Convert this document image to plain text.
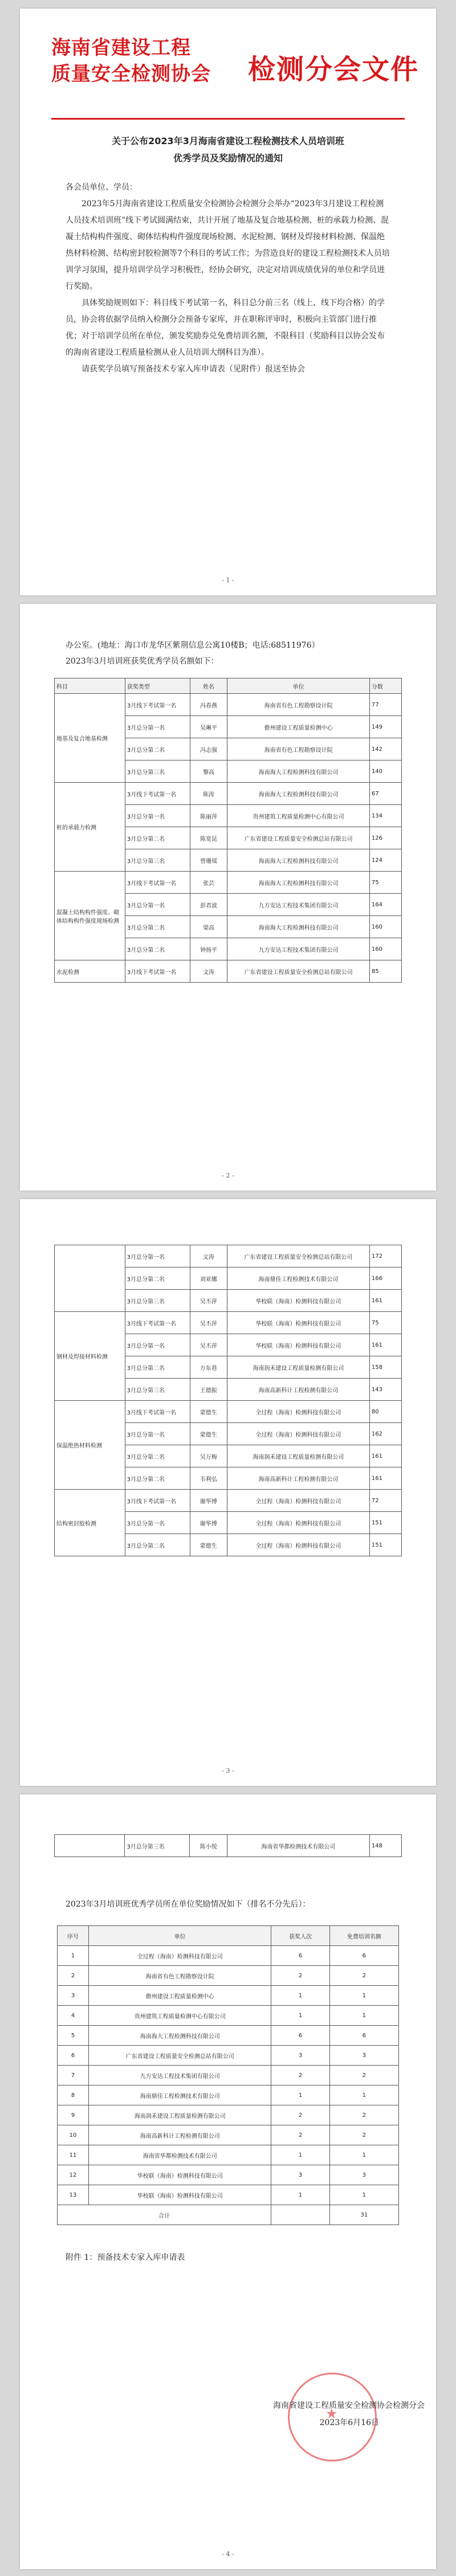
海南省建设工程
质量安全检测协会	检测分会文件
关于公布2023年3月海南省建设工程检测技术人员培训班
优秀学员及奖励情况的通知

各会员单位、学员：

2023年5月海南省建设工程质量安全检测协会检测分会举办“2023年3月建设工程检测人员技术培训班”线下考试圆满结束，共计开展了地基及复合地基检测、桩的承载力检测、混凝土结构构件强度、砌体结构构件强度现场检测、水泥检测、钢材及焊接材料检测、保温绝热材料检测、结构密封胶检测等7个科目的考试工作；为营造良好的建设工程检测技术人员培训学习氛围，提升培训学员学习积极性，经协会研究，决定对培训成绩优异的单位和学员进行奖励。

具体奖励规则如下：科目线下考试第一名，科目总分前三名（线上、线下均合格）的学员，协会将依据学员纳入检测分会预备专家库，并在职称评审时，积极向主管部门进行推优；对于培训学员所在单位，颁发奖励券兑免费培训名额，不限科目（奖励科目以协会发布的海南省建设工程质量检测从业人员培训大纲科目为准）。

请获奖学员填写预备技术专家入库申请表（见附件）报送至协会

- 1 -
办公室。(地址：海口市龙华区紫荆信息公寓10楼B；电话:68511976）
2023年3月培训班获奖优秀学员名额如下：
科目	获奖类型	姓名	单位	分数
地基及复合地基检测	3月线下考试第一名	冯春燕	海南省有色工程勘察设计院	77
	3月总分第一名	吴琳平	儋州建设工程质量检测中心	149
	3月总分第二名	冯志强	海南省有色工程勘察设计院	142
	3月总分第三名	黎高	海南海大工程检测科技有限公司	140
桩的承载力检测	3月线下考试第一名	陈涛	海南海大工程检测科技有限公司	67
	3月总分第一名	陈丽萍	贵州建筑工程质量检测中心有限公司	134
	3月总分第二名	陈宽昆	广东省建设工程质量安全检测总站有限公司	126
	3月总分第三名	曾珊瑶	海南海大工程检测科技有限公司	124
混凝土结构构件强度、砌体结构构件强度现场检测	3月线下考试第一名	张芸	海南海大工程检测科技有限公司	75
	3月总分第一名	彭君波	九方安达工程技术集团有限公司	164
	3月总分第二名	梁高	海南海大工程检测科技有限公司	160
	3月总分第二名	钟扬平	九方安达工程技术集团有限公司	160
水泥检测	3月线下考试第一名	文涛	广东省建设工程质量安全检测总站有限公司	85
- 2 -
	3月总分第一名	文涛	广东省建设工程质量安全检测总站有限公司	172
	3月总分第二名	刘亚娜	海南鼎佳工程检测技术有限公司	166
	3月总分第三名	吴丕萍	华校联（海南）检测科技有限公司	161
钢材及焊接材料检测	3月线下考试第一名	吴丕萍	华校联（海南）检测科技有限公司	75
	3月总分第一名	吴丕萍	华校联（海南）检测科技有限公司	161
	3月总分第二名	方东巷	海南润禾建设工程质量检测有限公司	158
	3月总分第三名	王德振	海南高新科计工程检测有限公司	143
保温绝热材料检测	3月线下考试第一名	蒙德生	全过程（海南）检测科技有限公司	80
	3月总分第一名	蒙德生	全过程（海南）检测科技有限公司	162
	3月总分第二名	吴万梅	海南润禾建设工程质量检测有限公司	161
	3月总分第二名	韦利弘	海南高新科计工程检测有限公司	161
结构密封胶检测	3月线下考试第一名	谢华博	全过程（海南）检测科技有限公司	72
	3月总分第一名	谢华博	全过程（海南）检测科技有限公司	151
	3月总分第二名	蒙德生	全过程（海南）检测科技有限公司	151
- 3 -
	3月总分第三名	陈小悦	海南省华都检测技术有限公司	148
2023年3月培训班优秀学员所在单位奖励情况如下（排名不分先后）：
序号	单位	获奖人次	免费培训名额
1	全过程（海南）检测科技有限公司	6	6
2	海南省有色工程勘察设计院	2	2
3	儋州建设工程质量检测中心	1	1
4	贵州建筑工程质量检测中心有限公司	1	1
5	海南海大工程检测科技有限公司	6	6
6	广东省建设工程质量安全检测总站有限公司	3	3
7	九方安达工程技术集团有限公司	2	2
8	海南鼎佳工程检测技术有限公司	1	1
9	海南润禾建设工程质量检测有限公司	2	2
10	海南高新科计工程检测有限公司	2	2
11	海南省华都检测技术有限公司	1	1
12	华校联（海南）检测科技有限公司	3	3
13	华校联（海南）检测科技有限公司	1	1
合计			31
附件 1：预备技术专家入库申请表
★
海南省建设工程质量安全检测协会检测分会
2023年6月16日
- 4 -
